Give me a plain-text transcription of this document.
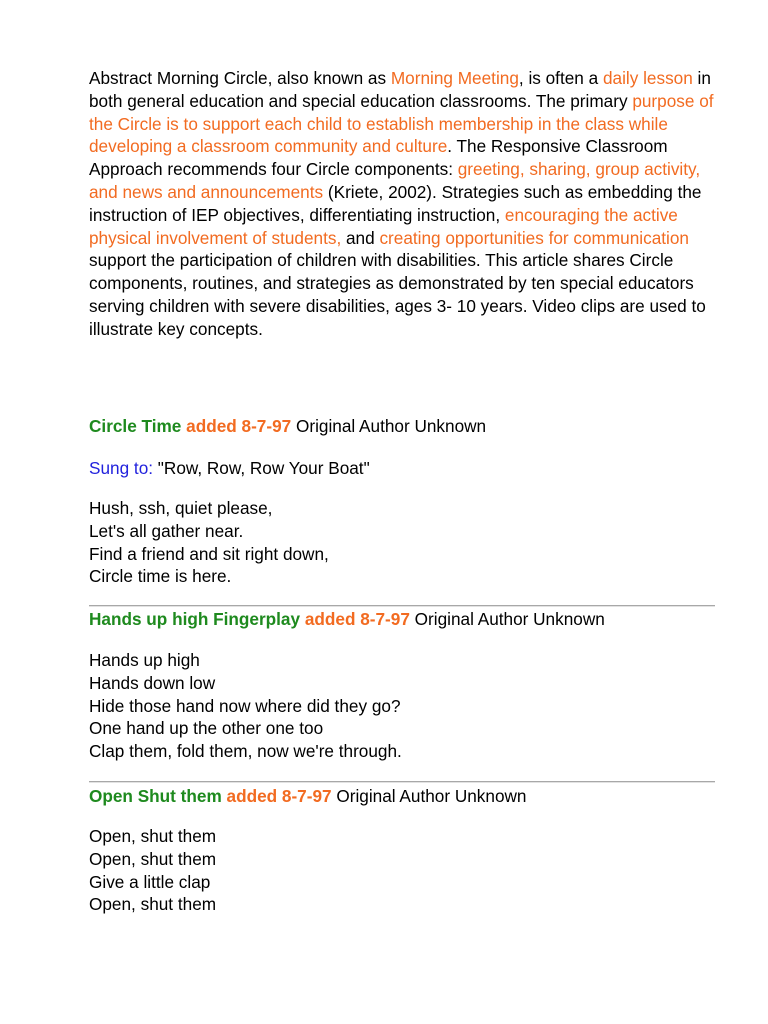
Abstract Morning Circle, also known as Morning Meeting, is often a daily lesson in both general education and special education classrooms. The primary purpose of the Circle is to support each child to establish membership in the class while developing a classroom community and culture. The Responsive Classroom Approach recommends four Circle components: greeting, sharing, group activity, and news and announcements (Kriete, 2002). Strategies such as embedding the instruction of IEP objectives, differentiating instruction, encouraging the active physical involvement of students, and creating opportunities for communication support the participation of children with disabilities. This article shares Circle components, routines, and strategies as demonstrated by ten special educators serving children with severe disabilities, ages 3- 10 years. Video clips are used to illustrate key concepts.
Circle Time added 8-7-97 Original Author Unknown
Sung to: "Row, Row, Row Your Boat"
Hush, ssh, quiet please,
Let's all gather near.
Find a friend and sit right down,
Circle time is here.
Hands up high Fingerplay added 8-7-97 Original Author Unknown
Hands up high
Hands down low
Hide those hand now where did they go?
One hand up the other one too
Clap them, fold them, now we're through.
Open Shut them added 8-7-97 Original Author Unknown
Open, shut them
Open, shut them
Give a little clap
Open, shut them
